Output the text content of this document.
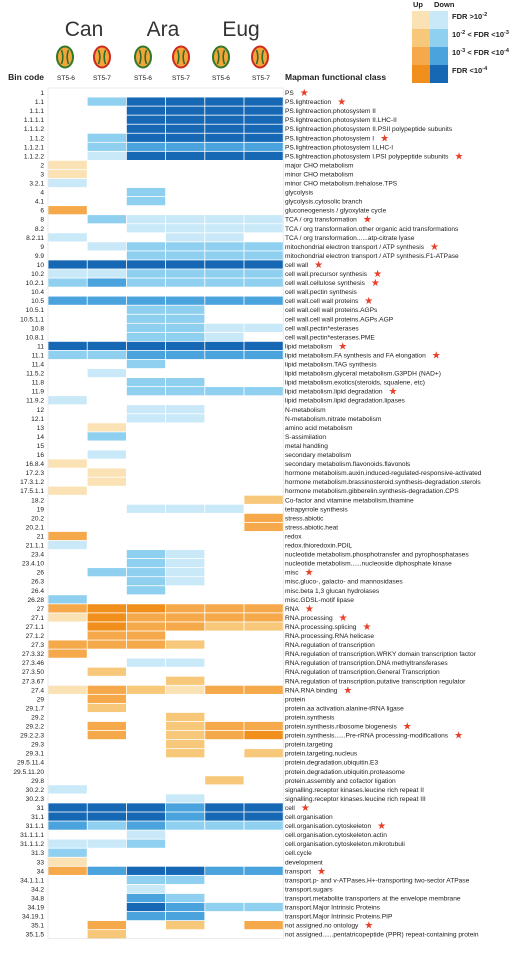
Can Ara Eug
ST5-6	ST5-7	ST5-6	ST5-7	ST5-6	ST5-7
Bin code	Mapman functional class
Up Down
FDR $>10^{-2}$
$10^{-2}$ < FDR $<10^{-3}$
$10^{-3}$ < FDR $<10^{-4}$
FDR $<10^{-4}$
1	PS ★
1.1	PS.lightreaction ★
1.1.1	PS.lightreaction.photosystem II
1.1.1.1	PS.lightreaction.photosystem II.LHC-II
1.1.1.2	PS.lightreaction.photosystem II.PSII polypeptide subunits
1.1.2	PS.lightreaction.photosystem I ★
1.1.2.1	PS.lightreaction.photosystem I.LHC-I
1.1.2.2	PS.lightreaction.photosystem I.PSI polypeptide subunits ★
2	major CHO metabolism
3	minor CHO metabolism
3.2.1	minor CHO metabolism.trehalose.TPS
4	glycolysis
4.1	glycolysis.cytosolic branch
6	gluconeogenesis / glyoxylate cycle
8	TCA / org transformation ★
8.2	TCA / org transformation.other organic acid transformations
8.2.11	TCA / org transformation......atp-citrate lyase
9	mitochondrial electron transport / ATP synthesis ★
9.9	mitochondrial electron transport / ATP synthesis.F1-ATPase
10	cell wall ★
10.2	cell wall.precursor synthesis ★
10.2.1	cell wall.cellulose synthesis ★
10.4	cell wall.pectin synthesis
10.5	cell wall.cell wall proteins ★
10.5.1	cell wall.cell wall proteins.AGPs
10.5.1.1	cell wall.cell wall proteins.AGPs.AGP
10.8	cell wall.pectin*esterases
10.8.1	cell wall.pectin*esterases.PME
11	lipid metabolism ★
11.1	lipid metabolism.FA synthesis and FA elongation ★
11.4	lipid metabolism.TAG synthesis
11.5.2	lipid metabolism.glyceral metabolism.G3PDH (NAD+)
11.8	lipid metabolism.exotics(steroids, squalene, etc)
11.9	lipid metabolism.lipid degradation ★
11.9.2	lipid metabolism.lipid degradation.lipases
12	N-metabolism
12.1	N-metabolism.nitrate metabolism
13	amino acid metabolism
14	S-assimilation
15	metal handling
16	secondary metabolism
16.8.4	secondary metabolism.flavonoids.flavonols
17.2.3	hormone metabolism.auxin.induced-regulated-responsive-activated
17.3.1.2	hormone metabolism.brassinosteroid.synthesis-degradation.sterols
17.5.1.1	hormone metabolism.gibberelin.synthesis-degradation.CPS
18.2	Co-factor and vitamine metabolism.thiamine
19	tetrapyrrole synthesis
20.2	stress.abiotic
20.2.1	stress.abiotic.heat
21	redox
21.1.1	redox.thioredoxin.PDIL
23.4	nucleotide metabolism.phosphotransfer and pyrophosphatases
23.4.10	nucleotide metabolism......nucleoside diphosphate kinase
26	misc ★
26.3	misc.gluco-, galacto- and mannosidases
26.4	misc.beta 1,3 glucan hydrolases
26.28	misc.GDSL-motif lipase
27	RNA ★
27.1	RNA.processing ★
27.1.1	RNA.processing.splicing ★
27.1.2	RNA.processing.RNA helicase
27.3	RNA.regulation of transcription
27.3.32	RNA.regulation of transcription.WRKY domain transcription factor
27.3.46	RNA.regulation of transcription.DNA methyltransferases
27.3.50	RNA.regulation of transcription.General Transcription
27.3.67	RNA.regulation of transcription.putative transcription regulator
27.4	RNA.RNA binding ★
29	protein
29.1.7	protein.aa activation.alanine-tRNA ligase
29.2	protein.synthesis
29.2.2	protein.synthesis.ribosome biogenesis ★
29.2.2.3	protein.synthesis......Pre-rRNA processing-modifications ★
29.3	protein.targeting
29.3.1	protein.targeting.nucleus
29.5.11.4	protein.degradation.ubiquitin.E3
29.5.11.20	protein.degradation.ubiquitin.proteasome
29.8	protein.assembly and cofactor ligation
30.2.2	signalling.receptor kinases.leucine rich repeat II
30.2.3	signalling.receptor kinases.leucine rich repeat III
31	cell ★
31.1	cell.organisation
31.1.1	cell.organisation.cytoskeleton ★
31.1.1.1	cell.organisation.cytoskeleton.actin
31.1.1.2	cell.organisation.cytoskeleton.mikrotubuli
31.3	cell.cycle
33	development
34	transport ★
34.1.1.1	transport.p- and v-ATPases.H+-transporting two-sector ATPase
34.2	transport.sugars
34.8	transport.metabolite transporters at the envelope membrane
34.19	transport.Major Intrinsic Proteins
34.19.1	transport.Major Intrinsic Proteins.PIP
35.1	not assigned.no ontology ★
35.1.5	not assigned......pentatricopeptide (PPR) repeat-containing protein
